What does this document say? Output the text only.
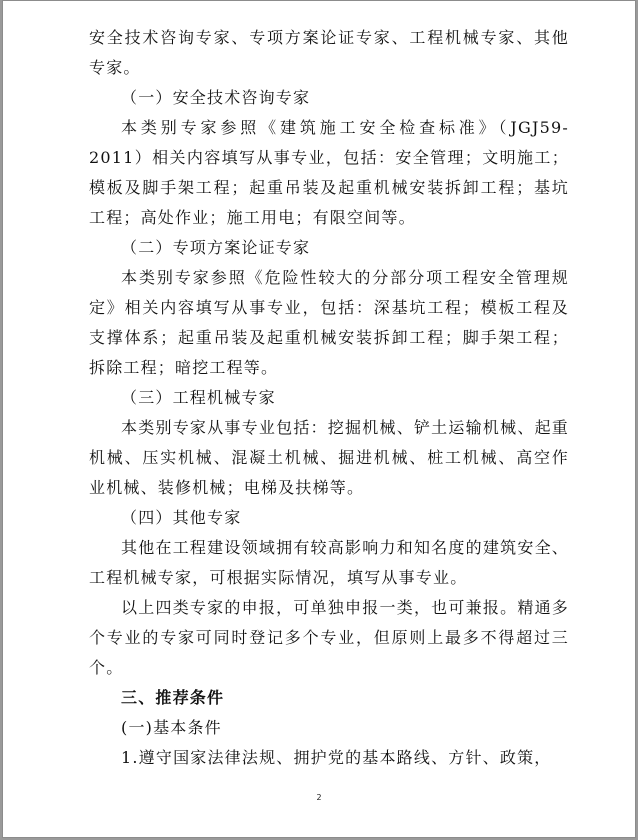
安全技术咨询专家、专项方案论证专家、工程机械专家、其他专家。

（一）安全技术咨询专家

本类别专家参照《建筑施工安全检查标准》（JGJ59-2011）相关内容填写从事专业，包括：安全管理；文明施工；模板及脚手架工程；起重吊装及起重机械安装拆卸工程；基坑工程；高处作业；施工用电；有限空间等。

（二）专项方案论证专家

本类别专家参照《危险性较大的分部分项工程安全管理规定》相关内容填写从事专业，包括：深基坑工程；模板工程及支撑体系；起重吊装及起重机械安装拆卸工程；脚手架工程；拆除工程；暗挖工程等。

（三）工程机械专家

本类别专家从事专业包括：挖掘机械、铲土运输机械、起重机械、压实机械、混凝土机械、掘进机械、桩工机械、高空作业机械、装修机械；电梯及扶梯等。

（四）其他专家

其他在工程建设领域拥有较高影响力和知名度的建筑安全、工程机械专家，可根据实际情况，填写从事专业。

以上四类专家的申报，可单独申报一类，也可兼报。精通多个专业的专家可同时登记多个专业，但原则上最多不得超过三个。

三、推荐条件

(一)基本条件

1.遵守国家法律法规、拥护党的基本路线、方针、政策，

2
